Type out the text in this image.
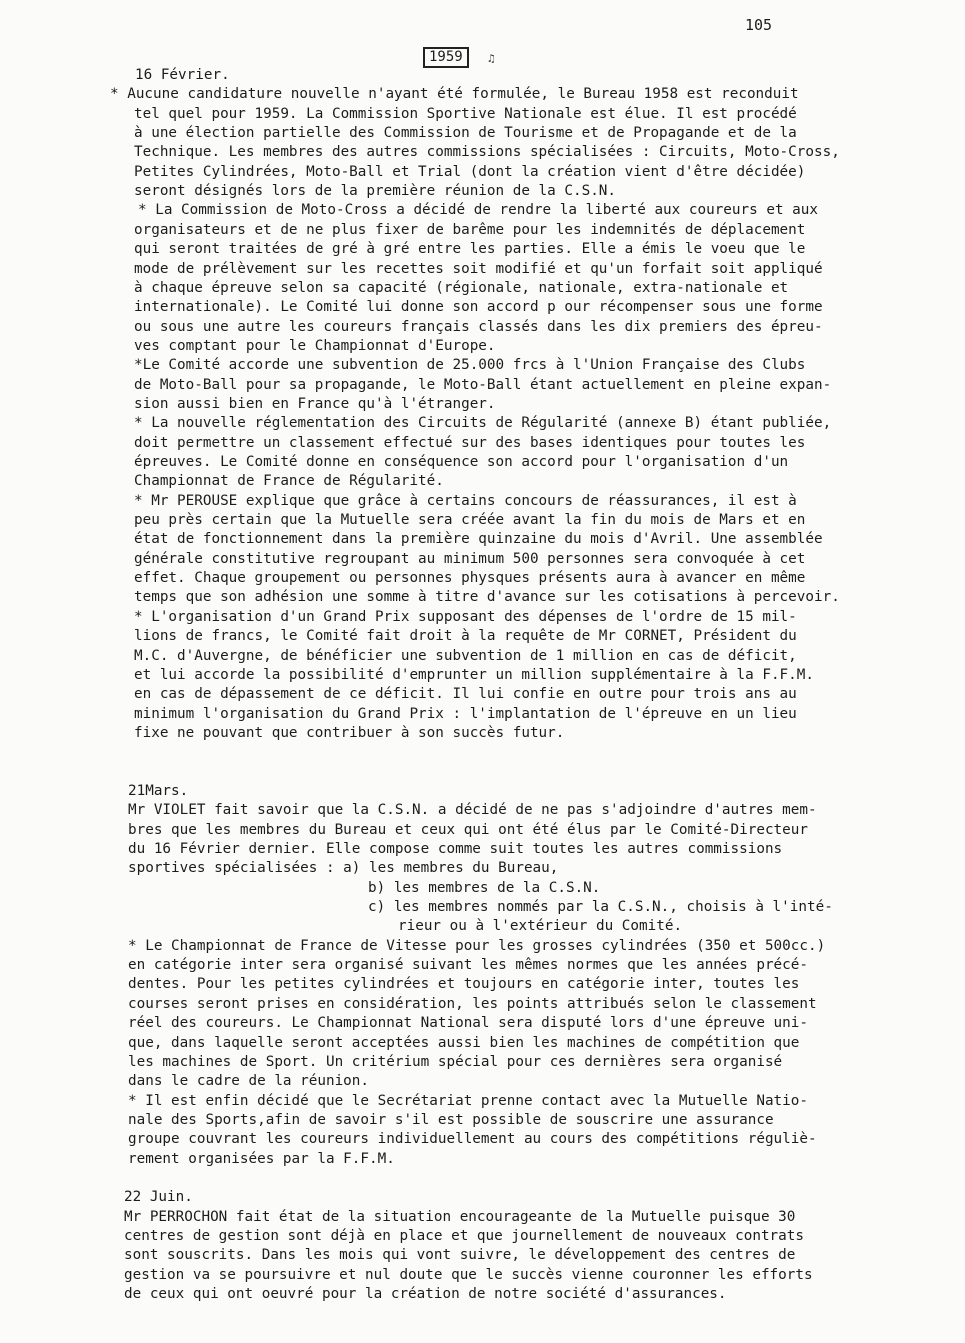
105
1959	♫
16 Février.
* Aucune candidature nouvelle n'ayant été formulée, le Bureau 1958 est reconduit
tel quel pour 1959. La Commission Sportive Nationale est élue. Il est procédé
à une élection partielle des Commission de Tourisme et de Propagande et de la
Technique. Les membres des autres commissions spécialisées : Circuits, Moto-Cross,
Petites Cylindrées, Moto-Ball et Trial (dont la création vient d'être décidée)
seront désignés lors de la première réunion de la C.S.N.
* La Commission de Moto-Cross a décidé de rendre la liberté aux coureurs et aux
organisateurs et de ne plus fixer de barême pour les indemnités de déplacement
qui seront traitées de gré à gré entre les parties. Elle a émis le voeu que le
mode de prélèvement sur les recettes soit modifié et qu'un forfait soit appliqué
à chaque épreuve selon sa capacité (régionale, nationale, extra-nationale et
internationale). Le Comité lui donne son accord p our récompenser sous une forme
ou sous une autre les coureurs français classés dans les dix premiers des épreu-
ves comptant pour le Championnat d'Europe.
*Le Comité accorde une subvention de 25.000 frcs à l'Union Française des Clubs
de Moto-Ball pour sa propagande, le Moto-Ball étant actuellement en pleine expan-
sion aussi bien en France qu'à l'étranger.
* La nouvelle réglementation des Circuits de Régularité (annexe B) étant publiée,
doit permettre un classement effectué sur des bases identiques pour toutes les
épreuves. Le Comité donne en conséquence son accord pour l'organisation d'un
Championnat de France de Régularité.
* Mr PEROUSE explique que grâce à certains concours de réassurances, il est à
peu près certain que la Mutuelle sera créée avant la fin du mois de Mars et en
état de fonctionnement dans la première quinzaine du mois d'Avril. Une assemblée
générale constitutive regroupant au minimum 500 personnes sera convoquée à cet
effet. Chaque groupement ou personnes physques présents aura à avancer en même
temps que son adhésion une somme à titre d'avance sur les cotisations à percevoir.
* L'organisation d'un Grand Prix supposant des dépenses de l'ordre de 15 mil-
lions de francs, le Comité fait droit à la requête de Mr CORNET, Président du
M.C. d'Auvergne, de bénéficier une subvention de 1 million en cas de déficit,
et lui accorde la possibilité d'emprunter un million supplémentaire à la F.F.M.
en cas de dépassement de ce déficit. Il lui confie en outre pour trois ans au
minimum l'organisation du Grand Prix : l'implantation de l'épreuve en un lieu
fixe ne pouvant que contribuer à son succès futur.
21Mars.
Mr VIOLET fait savoir que la C.S.N. a décidé de ne pas s'adjoindre d'autres mem-
bres que les membres du Bureau et ceux qui ont été élus par le Comité-Directeur
du 16 Février dernier. Elle compose comme suit toutes les autres commissions
sportives spécialisées : a) les membres du Bureau,
b) les membres de la C.S.N.
c) les membres nommés par la C.S.N., choisis à l'inté-
rieur ou à l'extérieur du Comité.
* Le Championnat de France de Vitesse pour les grosses cylindrées (350 et 500cc.)
en catégorie inter sera organisé suivant les mêmes normes que les années précé-
dentes. Pour les petites cylindrées et toujours en catégorie inter, toutes les
courses seront prises en considération, les points attribués selon le classement
réel des coureurs. Le Championnat National sera disputé lors d'une épreuve uni-
que, dans laquelle seront acceptées aussi bien les machines de compétition que
les machines de Sport. Un critérium spécial pour ces dernières sera organisé
dans le cadre de la réunion.
* Il est enfin décidé que le Secrétariat prenne contact avec la Mutuelle Natio-
nale des Sports,afin de savoir s'il est possible de souscrire une assurance
groupe couvrant les coureurs individuellement au cours des compétitions réguliè-
rement organisées par la F.F.M.
22 Juin.
Mr PERROCHON fait état de la situation encourageante de la Mutuelle puisque 30
centres de gestion sont déjà en place et que journellement de nouveaux contrats
sont souscrits. Dans les mois qui vont suivre, le développement des centres de
gestion va se poursuivre et nul doute que le succès vienne couronner les efforts
de ceux qui ont oeuvré pour la création de notre société d'assurances.
